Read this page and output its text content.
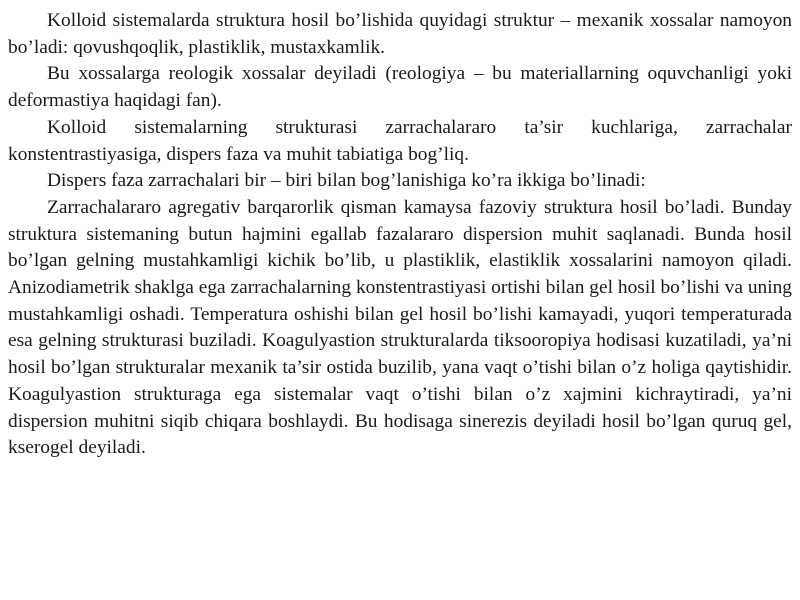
Kolloid sistemalarda struktura hosil bo’lishida quyidagi struktur – mexanik xossalar namoyon bo’ladi: qovushqoqlik, plastiklik, mustaxkamlik.

Bu xossalarga reologik xossalar deyiladi (reologiya – bu materiallarning oquvchanligi yoki deformastiya haqidagi fan).

Kolloid sistemalarning strukturasi zarrachalararo ta’sir kuchlariga, zarrachalar konstentrastiyasiga, dispers faza va muhit tabiatiga bog’liq.

Dispers faza zarrachalari bir – biri bilan bog’lanishiga ko’ra ikkiga bo’linadi:

Zarrachalararo agregativ barqarorlik qisman kamaysa fazoviy struktura hosil bo’ladi. Bunday struktura sistemaning butun hajmini egallab fazalararo dispersion muhit saqlanadi. Bunda hosil bo’lgan gelning mustahkamligi kichik bo’lib, u plastiklik, elastiklik xossalarini namoyon qiladi. Anizodiametrik shaklga ega zarrachalarning konstentrastiyasi ortishi bilan gel hosil bo’lishi va uning mustahkamligi oshadi. Temperatura oshishi bilan gel hosil bo’lishi kamayadi, yuqori temperaturada esa gelning strukturasi buziladi. Koagulyastion strukturalarda tiksooropiya hodisasi kuzatiladi, ya’ni hosil bo’lgan strukturalar mexanik ta’sir ostida buzilib, yana vaqt o’tishi bilan o’z holiga qaytishidir. Koagulyastion strukturaga ega sistemalar vaqt o’tishi bilan o’z xajmini kichraytiradi, ya’ni dispersion muhitni siqib chiqara boshlaydi. Bu hodisaga sinerezis deyiladi hosil bo’lgan quruq gel, kserogel deyiladi.
